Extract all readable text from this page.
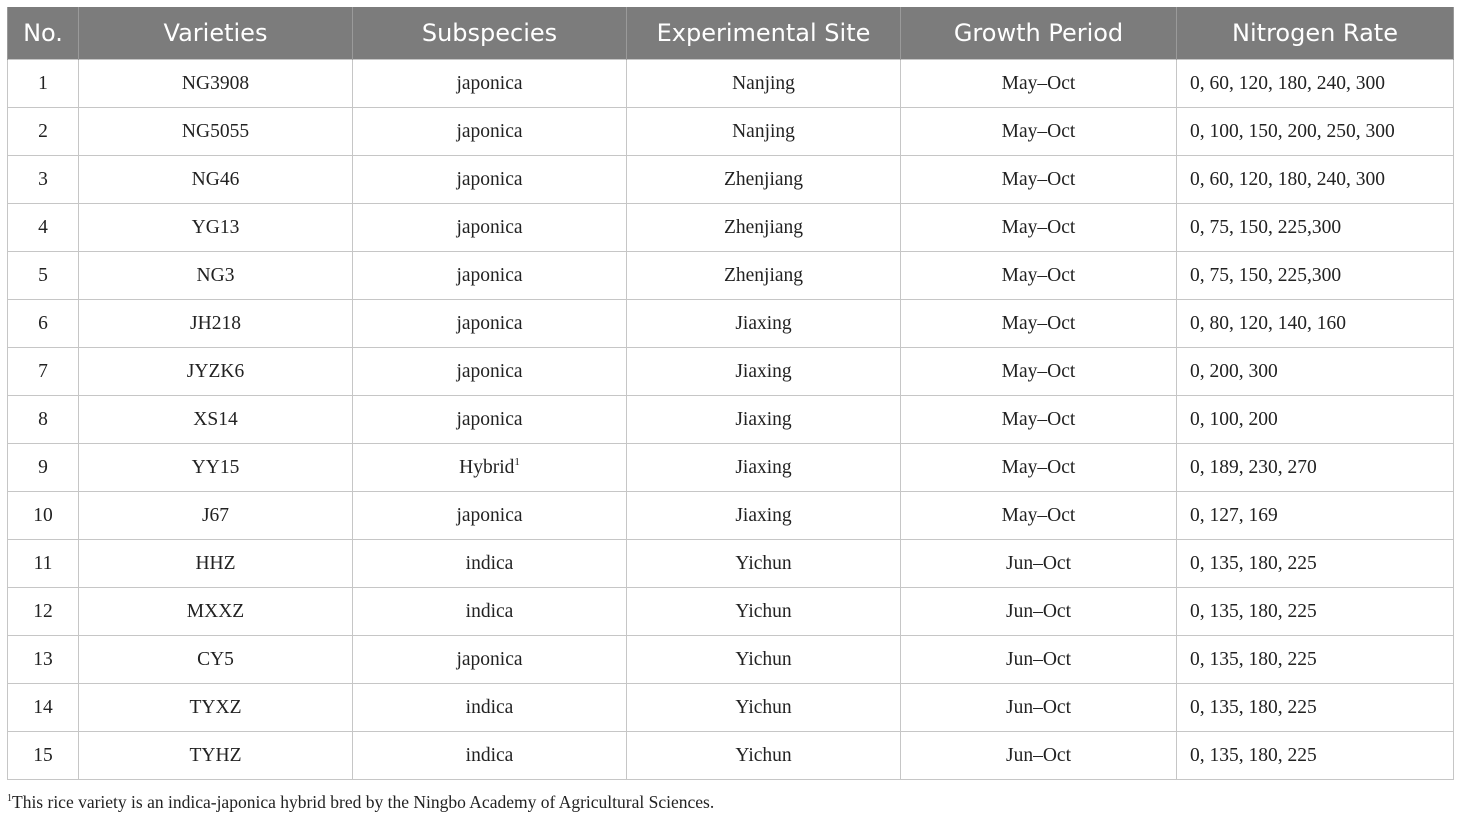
No.	Varieties	Subspecies	Experimental Site	Growth Period	Nitrogen Rate
1	NG3908	japonica	Nanjing	May–Oct	0, 60, 120, 180, 240, 300
2	NG5055	japonica	Nanjing	May–Oct	0, 100, 150, 200, 250, 300
3	NG46	japonica	Zhenjiang	May–Oct	0, 60, 120, 180, 240, 300
4	YG13	japonica	Zhenjiang	May–Oct	0, 75, 150, 225,300
5	NG3	japonica	Zhenjiang	May–Oct	0, 75, 150, 225,300
6	JH218	japonica	Jiaxing	May–Oct	0, 80, 120, 140, 160
7	JYZK6	japonica	Jiaxing	May–Oct	0, 200, 300
8	XS14	japonica	Jiaxing	May–Oct	0, 100, 200
9	YY15	Hybrid$^1$	Jiaxing	May–Oct	0, 189, 230, 270
10	J67	japonica	Jiaxing	May–Oct	0, 127, 169
11	HHZ	indica	Yichun	Jun–Oct	0, 135, 180, 225
12	MXXZ	indica	Yichun	Jun–Oct	0, 135, 180, 225
13	CY5	japonica	Yichun	Jun–Oct	0, 135, 180, 225
14	TYXZ	indica	Yichun	Jun–Oct	0, 135, 180, 225
15	TYHZ	indica	Yichun	Jun–Oct	0, 135, 180, 225
$^1$This rice variety is an indica-japonica hybrid bred by the Ningbo Academy of Agricultural Sciences.
